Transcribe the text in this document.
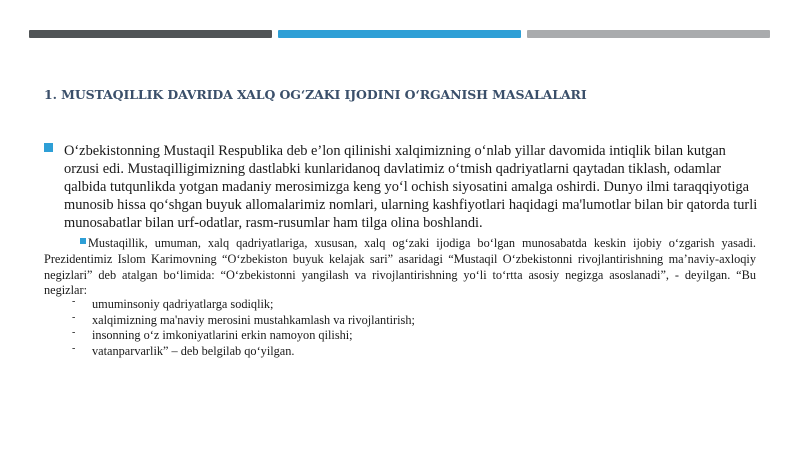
1. MUSTAQILLIK DAVRIDA XALQ OG‘ZAKI IJODINI O‘RGANISH MASALALARI
O‘zbekistonning Mustaqil Respublika deb e’lon qilinishi xalqimizning o‘nlab yillar davomida intiqlik bilan kutgan orzusi edi. Mustaqilligimizning dastlabki kunlaridanoq davlatimiz o‘tmish qadriyatlarni qaytadan tiklash, odamlar qalbida tutqunlikda yotgan madaniy merosimizga keng yo‘l ochish siyosatini amalga oshirdi. Dunyo ilmi taraqqiyotiga munosib hissa qo‘shgan buyuk allomalarimiz nomlari, ularning kashfiyotlari haqidagi ma'lumotlar bilan bir qatorda turli munosabatlar bilan urf-odatlar, rasm-rusumlar ham tilga olina boshlandi.
Mustaqillik, umuman, xalq qadriyatlariga, xususan, xalq og‘zaki ijodiga bo‘lgan munosabatda keskin ijobiy o‘zgarish yasadi. Prezidentimiz Islom Karimovning “O‘zbekiston buyuk kelajak sari” asaridagi “Mustaqil O‘zbekistonni rivojlantirishning ma’naviy-axloqiy negizlari” deb atalgan bo‘limida: “O‘zbekistonni yangilash va rivojlantirishning yo‘li to‘rtta asosiy negizga asoslanadi”, - deyilgan. “Bu negizlar:
- umuminsoniy qadriyatlarga sodiqlik;
- xalqimizning ma'naviy merosini mustahkamlash va rivojlantirish;
- insonning o‘z imkoniyatlarini erkin namoyon qilishi;
- vatanparvarlik” – deb belgilab qo‘yilgan.
